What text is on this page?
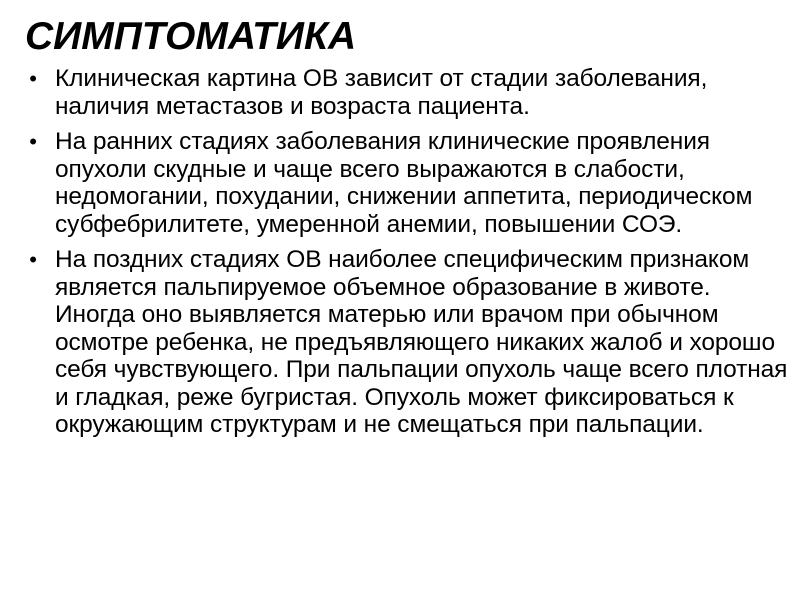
СИМПТОМАТИКА
• Клиническая картина ОВ зависит от стадии заболевания, наличия метастазов и возраста пациента.
• На ранних стадиях заболевания клинические проявления опухоли скудные и чаще всего выражаются в слабости, недомогании, похудании, снижении аппетита, периодическом субфебрилитете, умеренной анемии, повышении СОЭ.
• На поздних стадиях ОВ наиболее специфическим признаком является пальпируемое объемное образование в животе. Иногда оно выявляется матерью или врачом при обычном осмотре ребенка, не предъявляющего никаких жалоб и хорошо себя чувствующего. При пальпации опухоль чаще всего плотная и гладкая, реже бугристая. Опухоль может фиксироваться к окружающим структурам и не смещаться при пальпации.
